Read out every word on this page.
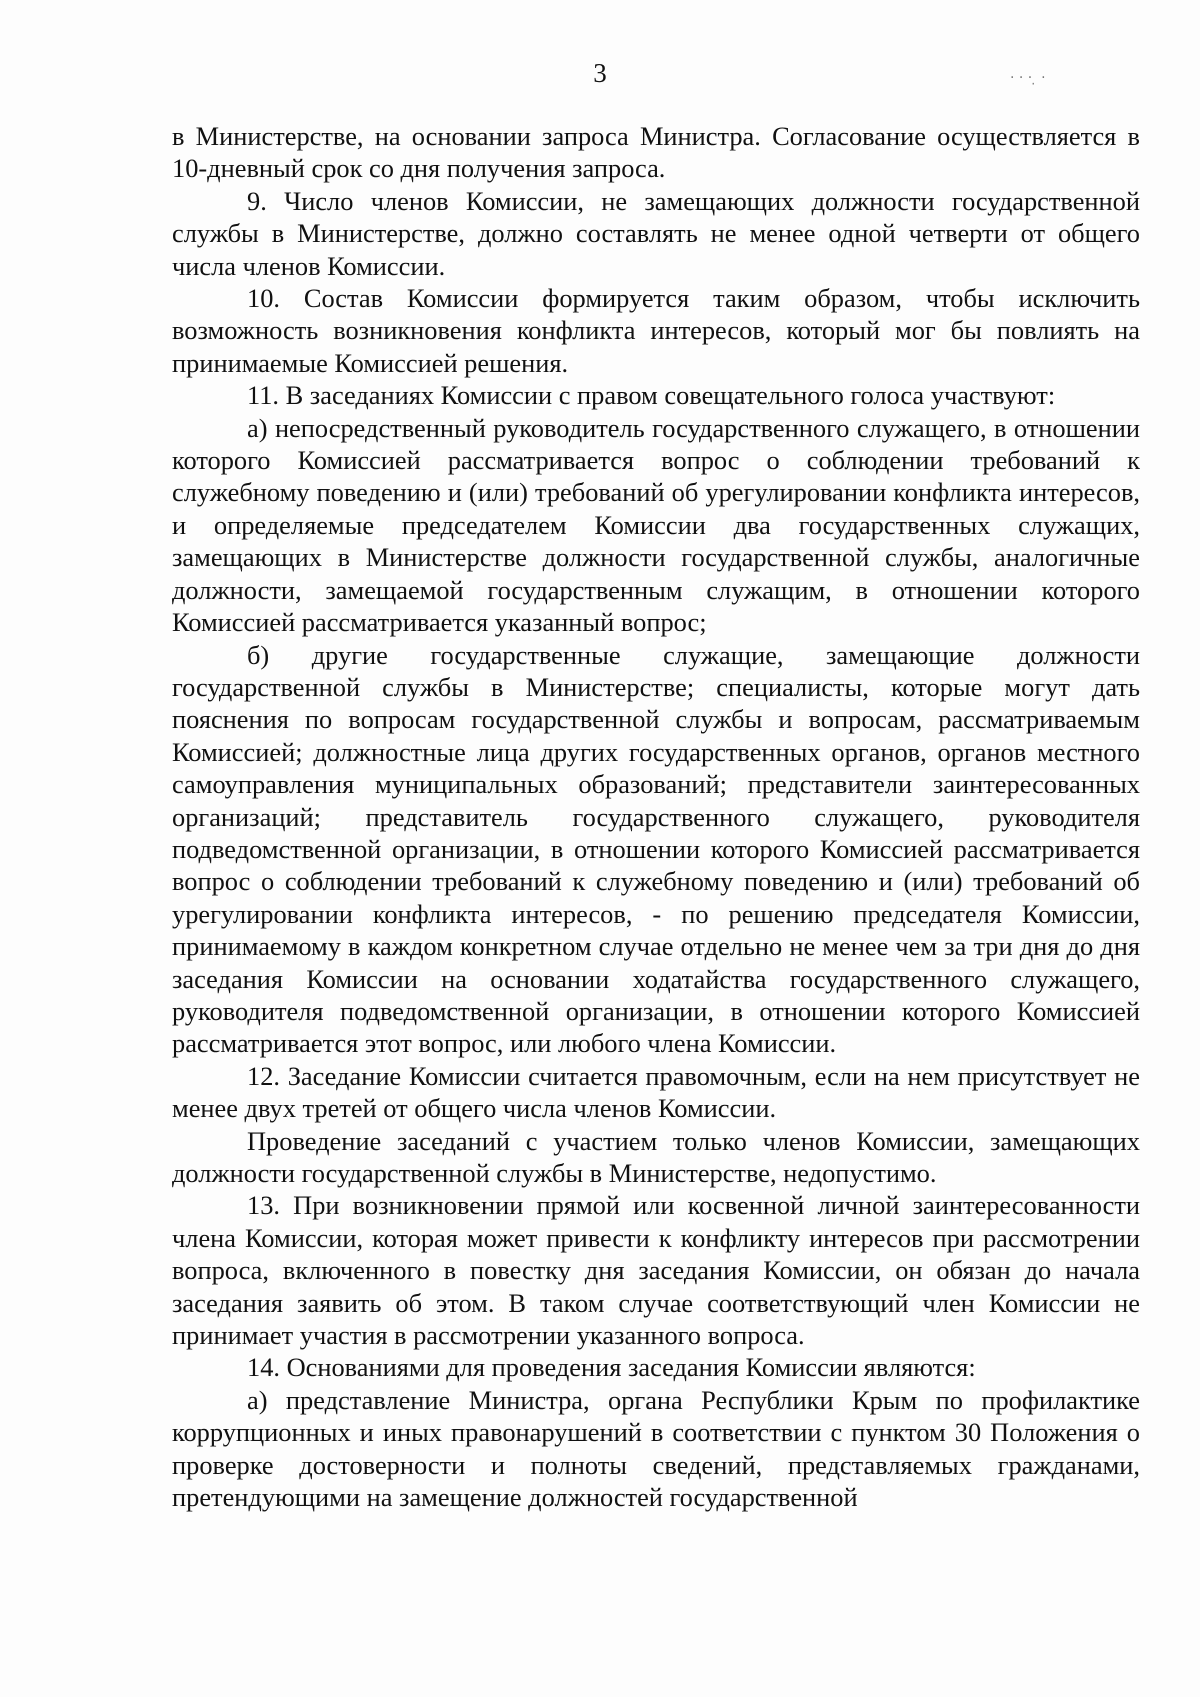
3	· · · ̣ ·

в Министерстве, на основании запроса Министра. Согласование осуществляется в 10-дневный срок со дня получения запроса.

9. Число членов Комиссии, не замещающих должности государственной службы в Министерстве, должно составлять не менее одной четверти от общего числа членов Комиссии.

10. Состав Комиссии формируется таким образом, чтобы исключить возможность возникновения конфликта интересов, который мог бы повлиять на принимаемые Комиссией решения.

11. В заседаниях Комиссии с правом совещательного голоса участвуют:

а) непосредственный руководитель государственного служащего, в отношении которого Комиссией рассматривается вопрос о соблюдении требований к служебному поведению и (или) требований об урегулировании конфликта интересов, и определяемые председателем Комиссии два государственных служащих, замещающих в Министерстве должности государственной службы, аналогичные должности, замещаемой государственным служащим, в отношении которого Комиссией рассматривается указанный вопрос;

б) другие государственные служащие, замещающие должности государственной службы в Министерстве; специалисты, которые могут дать пояснения по вопросам государственной службы и вопросам, рассматриваемым Комиссией; должностные лица других государственных органов, органов местного самоуправления муниципальных образований; представители заинтересованных организаций; представитель государственного служащего, руководителя подведомственной организации, в отношении которого Комиссией рассматривается вопрос о соблюдении требований к служебному поведению и (или) требований об урегулировании конфликта интересов, - по решению председателя Комиссии, принимаемому в каждом конкретном случае отдельно не менее чем за три дня до дня заседания Комиссии на основании ходатайства государственного служащего, руководителя подведомственной организации, в отношении которого Комиссией рассматривается этот вопрос, или любого члена Комиссии.

12. Заседание Комиссии считается правомочным, если на нем присутствует не менее двух третей от общего числа членов Комиссии.

Проведение заседаний с участием только членов Комиссии, замещающих должности государственной службы в Министерстве, недопустимо.

13. При возникновении прямой или косвенной личной заинтересованности члена Комиссии, которая может привести к конфликту интересов при рассмотрении вопроса, включенного в повестку дня заседания Комиссии, он обязан до начала заседания заявить об этом. В таком случае соответствующий член Комиссии не принимает участия в рассмотрении указанного вопроса.

14. Основаниями для проведения заседания Комиссии являются:

а) представление Министра, органа Республики Крым по профилактике коррупционных и иных правонарушений в соответствии с пунктом 30 Положения о проверке достоверности и полноты сведений, представляемых гражданами, претендующими на замещение должностей государственной
